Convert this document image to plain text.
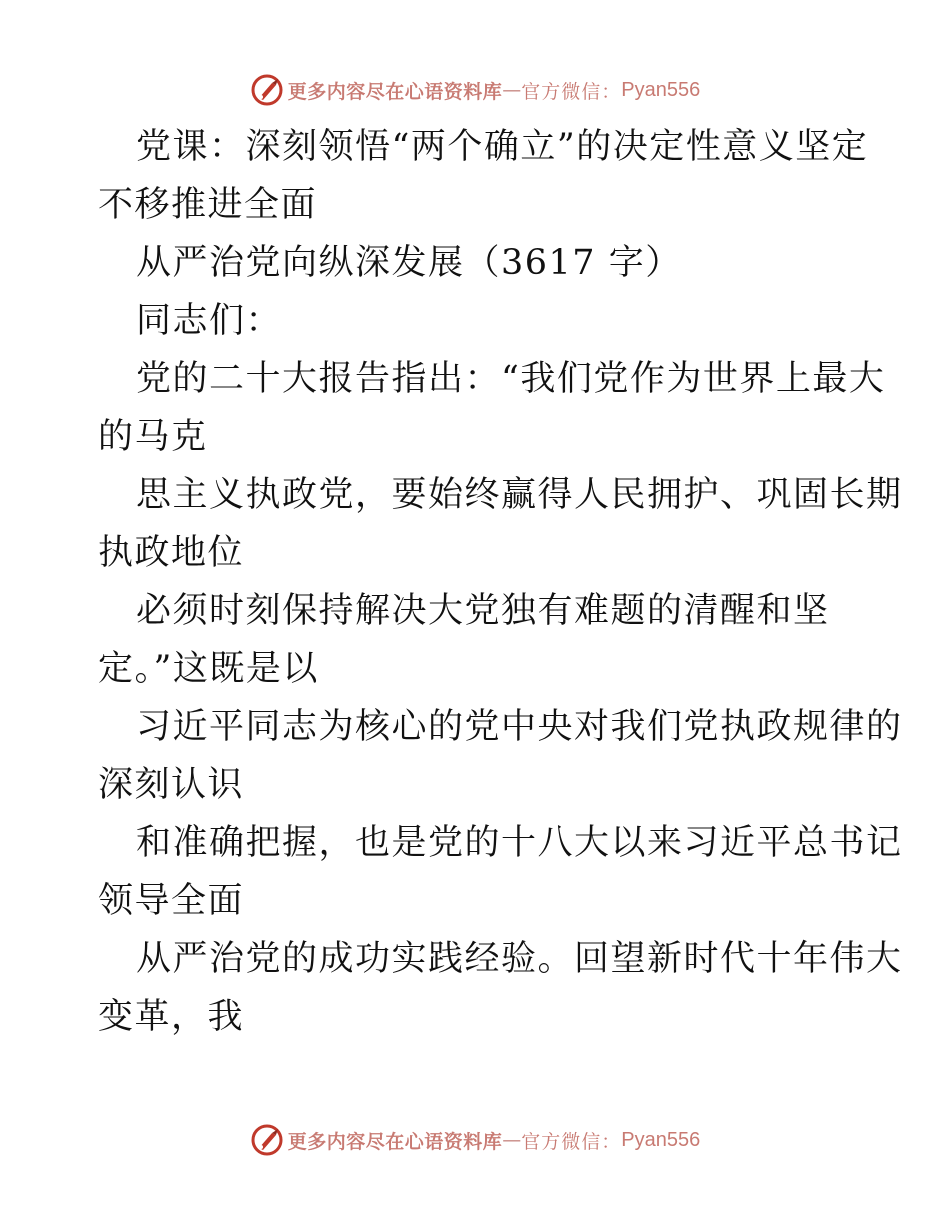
更多内容尽在心语资料库 — 官方微信： Pyan556
党课：深刻领悟“两个确立”的决定性意义坚定
不移推进全面
从严治党向纵深发展（3617 字）
同志们：
党的二十大报告指出：“我们党作为世界上最大
的马克
思主义执政党，要始终赢得人民拥护、巩固长期
执政地位
必须时刻保持解决大党独有难题的清醒和坚
定。”这既是以
习近平同志为核心的党中央对我们党执政规律的
深刻认识
和准确把握，也是党的十八大以来习近平总书记
领导全面
从严治党的成功实践经验。回望新时代十年伟大
变革，我
更多内容尽在心语资料库 — 官方微信： Pyan556
